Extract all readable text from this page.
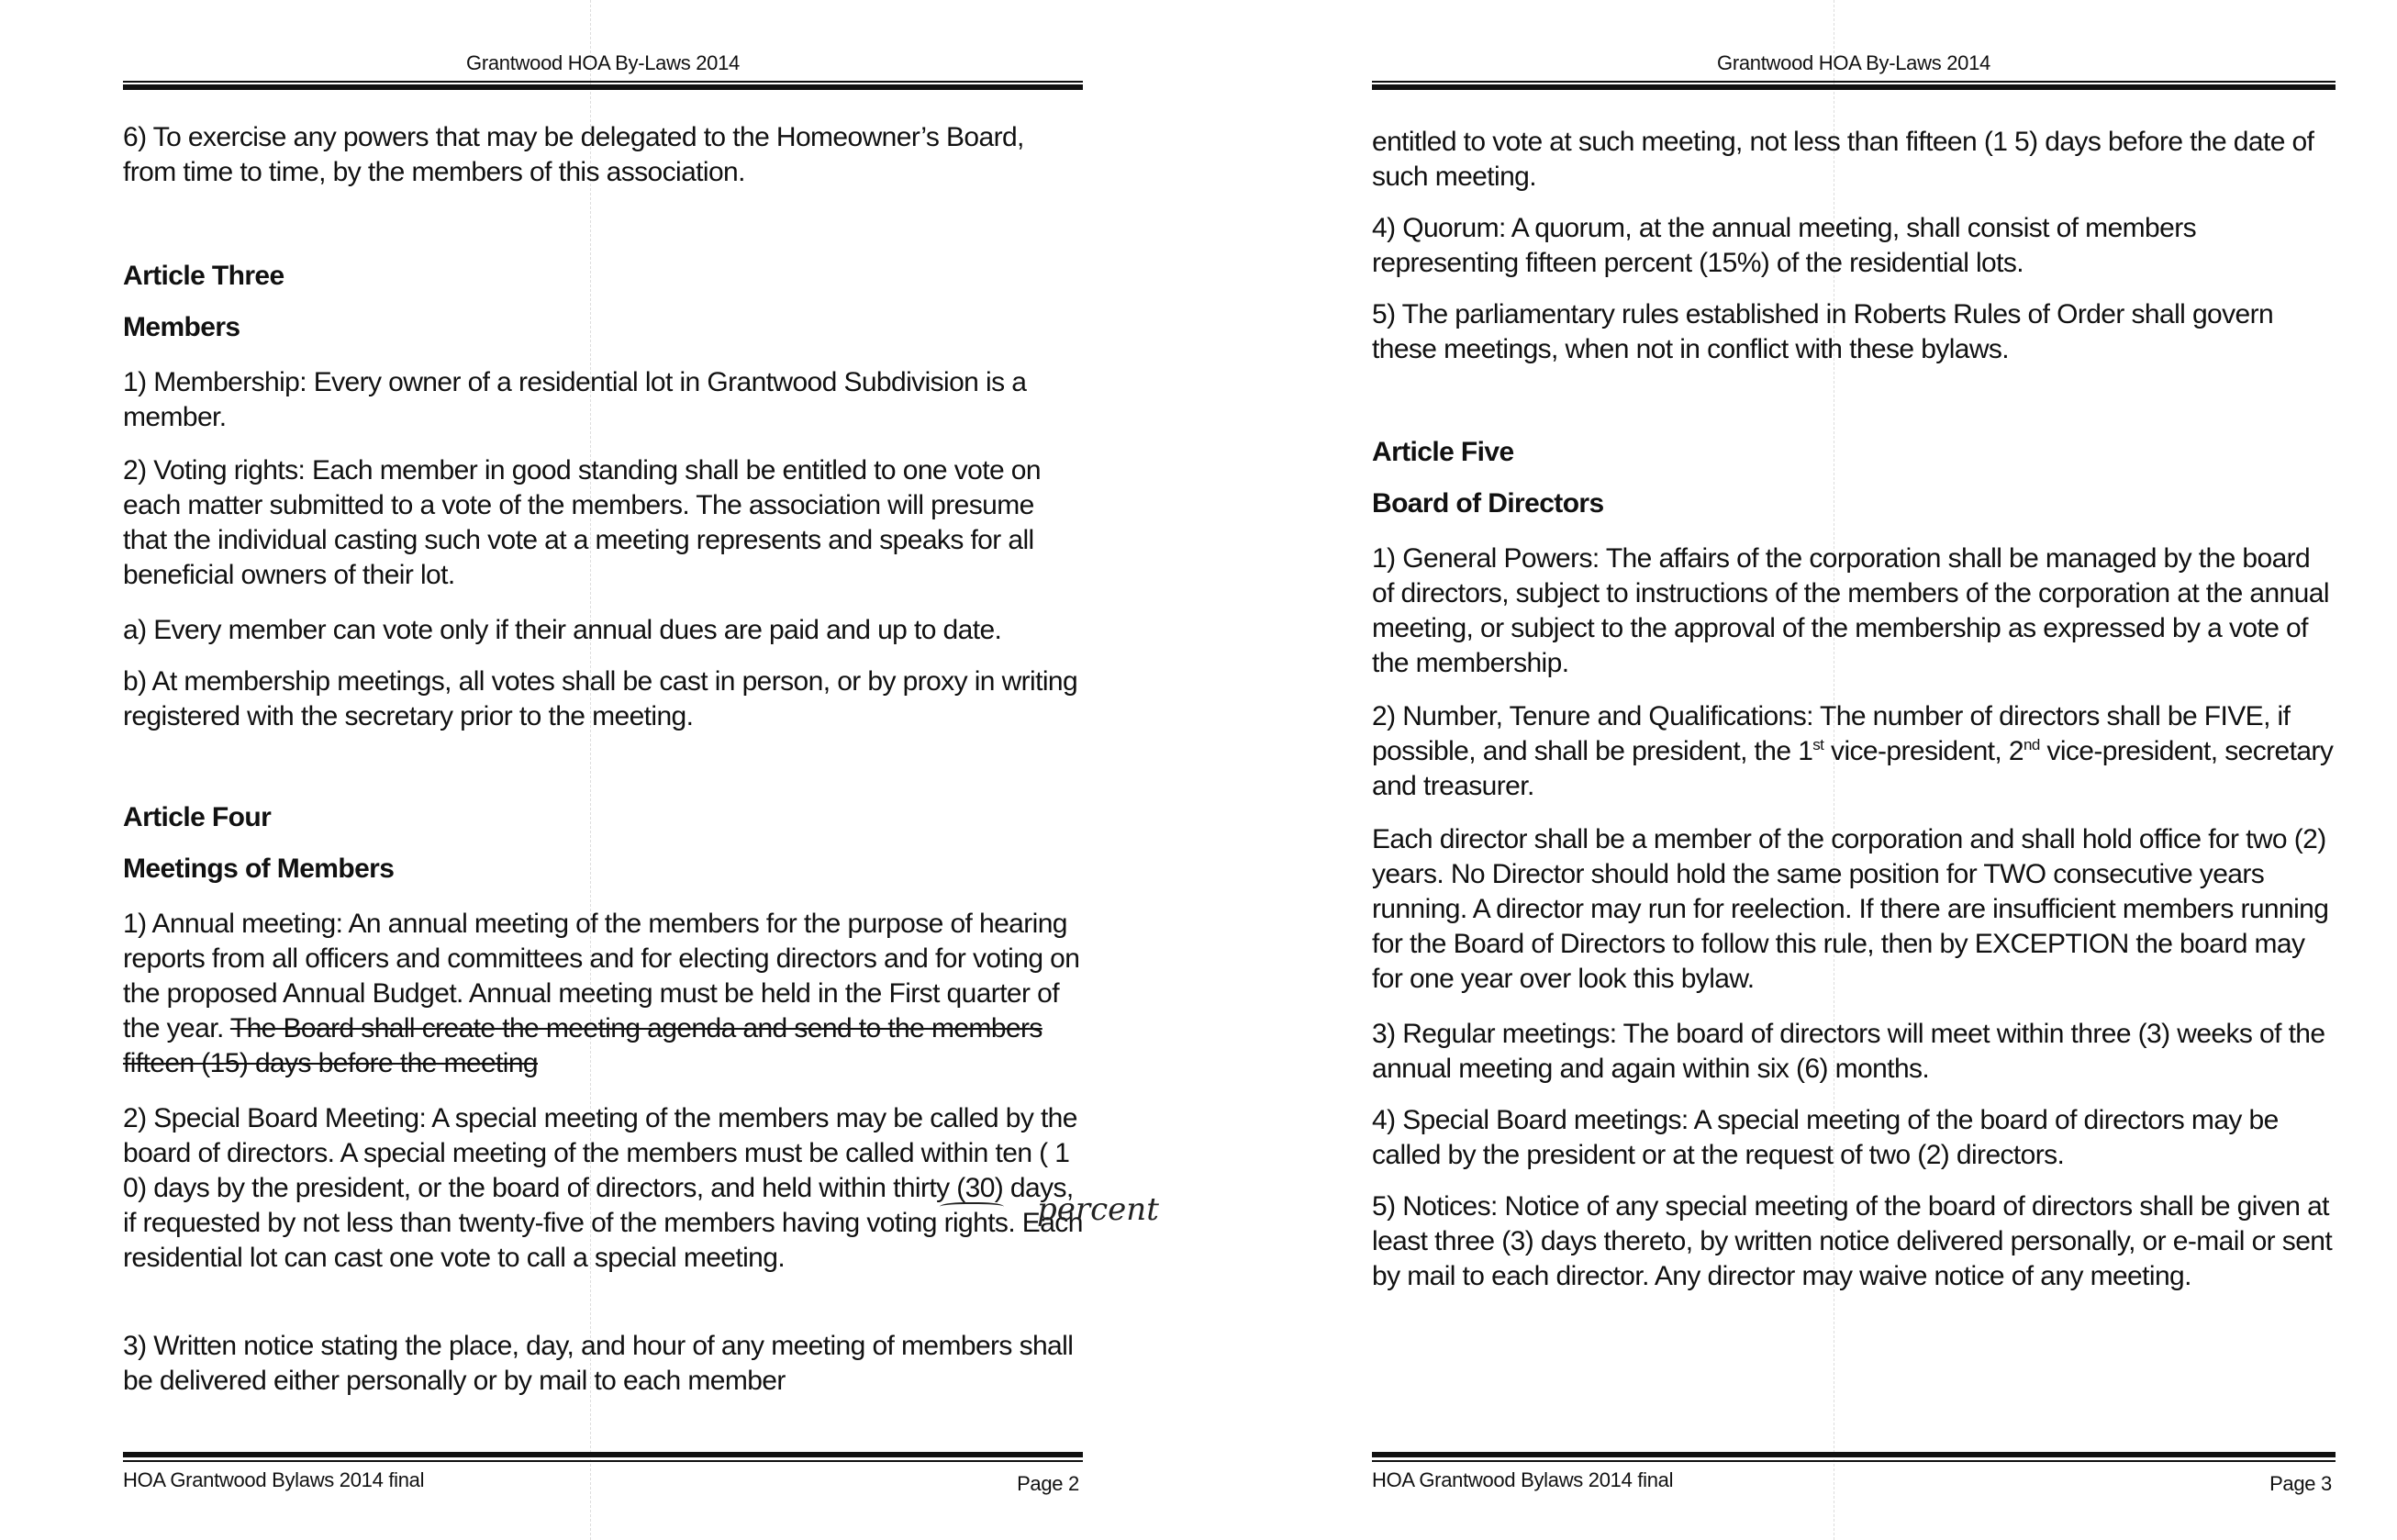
Grantwood HOA By-Laws 2014

6) To exercise any powers that may be delegated to the Homeowner’s Board, from time to time, by the members of this association.

Article Three

Members

1) Membership: Every owner of a residential lot in Grantwood Subdivision is a member.

2) Voting rights: Each member in good standing shall be entitled to one vote on each matter submitted to a vote of the members. The association will presume that the individual casting such vote at a meeting represents and speaks for all beneficial owners of their lot.

a) Every member can vote only if their annual dues are paid and up to date.

b) At membership meetings, all votes shall be cast in person, or by proxy in writing registered with the secretary prior to the meeting.

Article Four

Meetings of Members

1) Annual meeting: An annual meeting of the members for the purpose of hearing reports from all officers and committees and for electing directors and for voting on the proposed Annual Budget. Annual meeting must be held in the First quarter of the year. The Board shall create the meeting agenda and send to the members fifteen (15) days before the meeting

2) Special Board Meeting: A special meeting of the members may be called by the board of directors. A special meeting of the members must be called within ten ( 1 0) days by the president, or the board of directors, and held within thirty (30) days, if requested by not less than twenty-five of the members having voting rights. Each residential lot can cast one vote to call a special meeting.

3) Written notice stating the place, day, and hour of any meeting of members shall be delivered either personally or by mail to each member

percent
HOA Grantwood Bylaws 2014 final	Page 2
Grantwood HOA By-Laws 2014

entitled to vote at such meeting, not less than fifteen (1 5) days before the date of such meeting.

4) Quorum: A quorum, at the annual meeting, shall consist of members representing fifteen percent (15%) of the residential lots.

5) The parliamentary rules established in Roberts Rules of Order shall govern these meetings, when not in conflict with these bylaws.

Article Five

Board of Directors

1) General Powers: The affairs of the corporation shall be managed by the board of directors, subject to instructions of the members of the corporation at the annual meeting, or subject to the approval of the membership as expressed by a vote of the membership.

2) Number, Tenure and Qualifications: The number of directors shall be FIVE, if possible, and shall be president, the 1st vice-president, 2nd vice-president, secretary and treasurer.

Each director shall be a member of the corporation and shall hold office for two (2) years. No Director should hold the same position for TWO consecutive years running. A director may run for reelection. If there are insufficient members running for the Board of Directors to follow this rule, then by EXCEPTION the board may for one year over look this bylaw.

3) Regular meetings: The board of directors will meet within three (3) weeks of the annual meeting and again within six (6) months.

4) Special Board meetings: A special meeting of the board of directors may be called by the president or at the request of two (2) directors.

5) Notices: Notice of any special meeting of the board of directors shall be given at least three (3) days thereto, by written notice delivered personally, or e-mail or sent by mail to each director. Any director may waive notice of any meeting.

HOA Grantwood Bylaws 2014 final	Page 3
